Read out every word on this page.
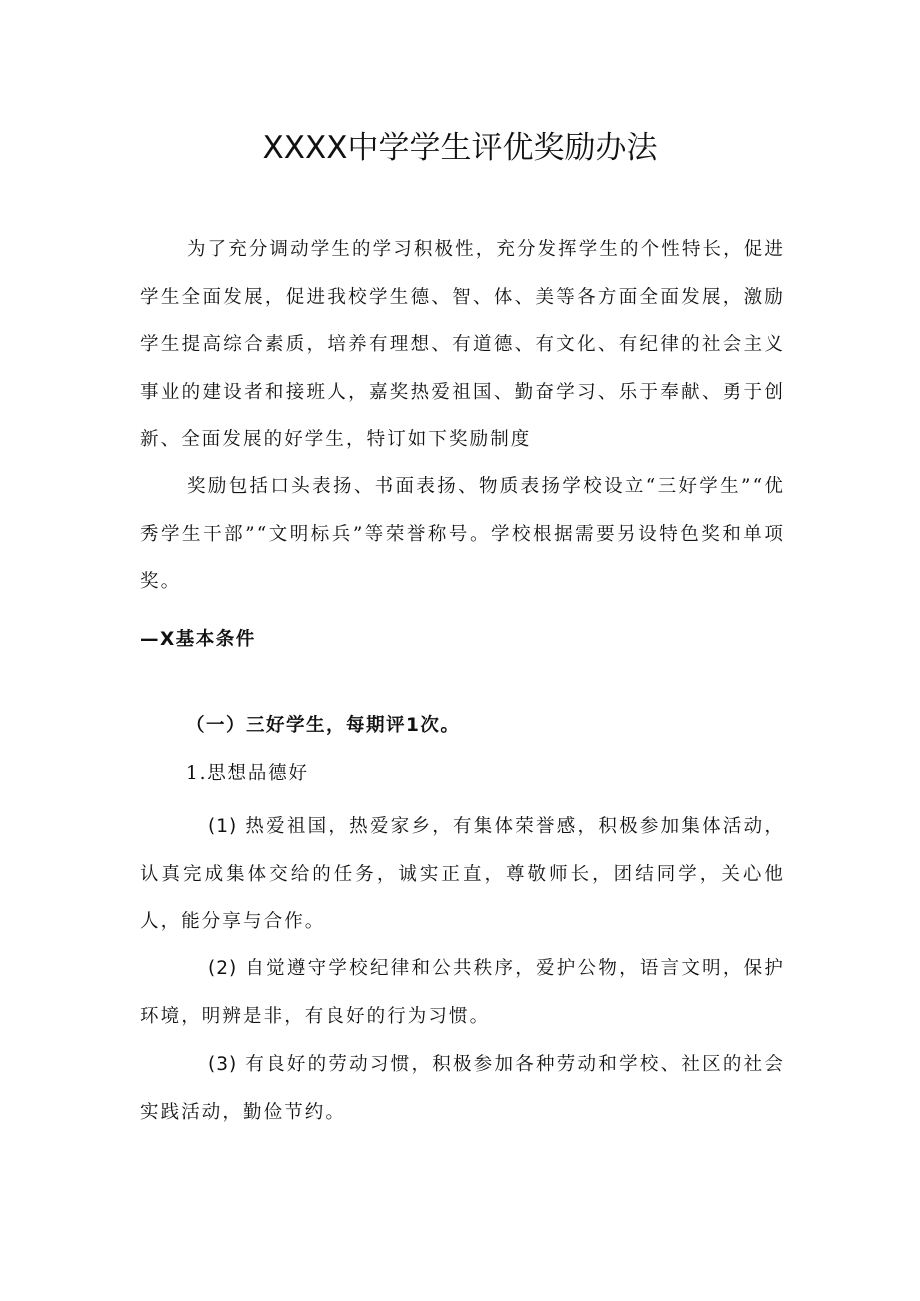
XXXX中学学生评优奖励办法
为了充分调动学生的学习积极性，充分发挥学生的个性特长，促进学生全面发展，促进我校学生德、智、体、美等各方面全面发展，激励学生提高综合素质，培养有理想、有道德、有文化、有纪律的社会主义事业的建设者和接班人，嘉奖热爱祖国、勤奋学习、乐于奉献、勇于创新、全面发展的好学生，特订如下奖励制度
奖励包括口头表扬、书面表扬、物质表扬学校设立“三好学生”“优秀学生干部”“文明标兵”等荣誉称号。学校根据需要另设特色奖和单项奖。
—X基本条件
（一）三好学生，每期评1次。
1.思想品德好
(1) 热爱祖国，热爱家乡，有集体荣誉感，积极参加集体活动，认真完成集体交给的任务，诚实正直，尊敬师长，团结同学，关心他人，能分享与合作。
(2) 自觉遵守学校纪律和公共秩序，爱护公物，语言文明，保护环境，明辨是非，有良好的行为习惯。
(3) 有良好的劳动习惯，积极参加各种劳动和学校、社区的社会实践活动，勤俭节约。
